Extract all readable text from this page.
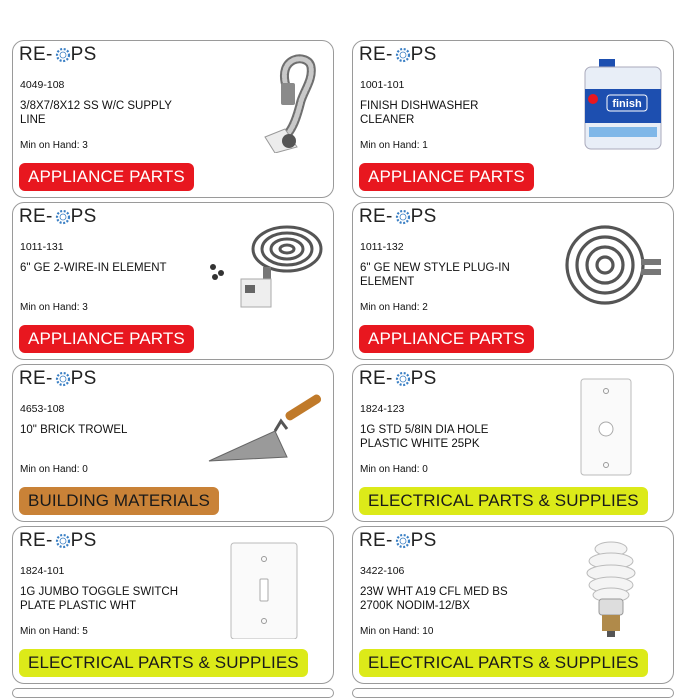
RE- PS
4049-108
3/8X7/8X12 SS W/C SUPPLY
LINE
Min on Hand: 3
APPLIANCE PARTS
RE- PS
1001-101
FINISH DISHWASHER
CLEANER
Min on Hand: 1
APPLIANCE PARTS
finish
RE- PS
1011-131
6" GE 2-WIRE-IN ELEMENT
Min on Hand: 3
APPLIANCE PARTS
RE- PS
1011-132
6" GE NEW STYLE PLUG-IN
ELEMENT
Min on Hand: 2
APPLIANCE PARTS
RE- PS
4653-108
10" BRICK TROWEL
Min on Hand: 0
BUILDING MATERIALS
RE- PS
1824-123
1G STD 5/8IN DIA HOLE
PLASTIC WHITE 25PK
Min on Hand: 0
ELECTRICAL PARTS & SUPPLIES
RE- PS
1824-101
1G JUMBO TOGGLE SWITCH
PLATE PLASTIC WHT
Min on Hand: 5
ELECTRICAL PARTS & SUPPLIES
RE- PS
3422-106
23W WHT A19 CFL MED BS
2700K NODIM-12/BX
Min on Hand: 10
ELECTRICAL PARTS & SUPPLIES
